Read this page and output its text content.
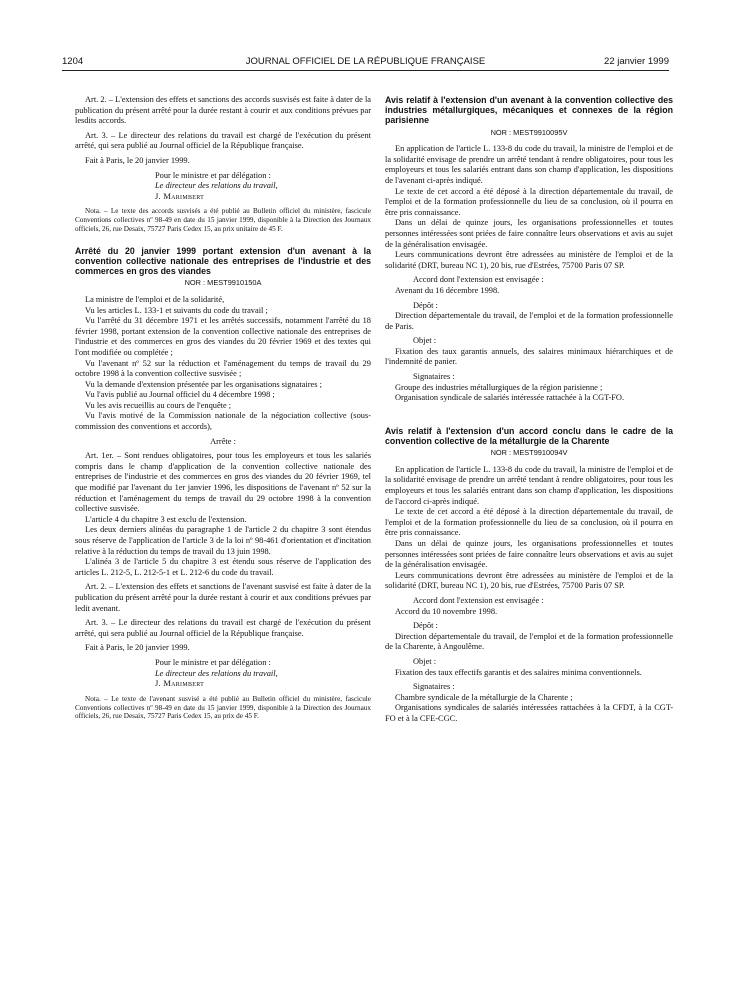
1204	JOURNAL OFFICIEL DE LA RÉPUBLIQUE FRANÇAISE	22 janvier 1999

Art. 2. – L'extension des effets et sanctions des accords susvisés est faite à dater de la publication du présent arrêté pour la durée restant à courir et aux conditions prévues par lesdits accords.

Art. 3. – Le directeur des relations du travail est chargé de l'exécution du présent arrêté, qui sera publié au Journal officiel de la République française.

Fait à Paris, le 20 janvier 1999.

Pour le ministre et par délégation :

Le directeur des relations du travail,

J. Marimbert

Nota. – Le texte des accords susvisés a été publié au Bulletin officiel du ministère, fascicule Conventions collectives nº 98-49 en date du 15 janvier 1999, disponible à la Direction des Journaux officiels, 26, rue Desaix, 75727 Paris Cedex 15, au prix unitaire de 45 F.

Arrêté du 20 janvier 1999 portant extension d'un avenant à la convention collective nationale des entreprises de l'industrie et des commerces en gros des viandes
NOR : MEST9910150A

La ministre de l'emploi et de la solidarité,

Vu les articles L. 133-1 et suivants du code du travail ;

Vu l'arrêté du 31 décembre 1971 et les arrêtés successifs, notamment l'arrêté du 18 février 1998, portant extension de la convention collective nationale des entreprises de l'industrie et des commerces en gros des viandes du 20 février 1969 et des textes qui l'ont modifiée ou complétée ;

Vu l'avenant nº 52 sur la réduction et l'aménagement du temps de travail du 29 octobre 1998 à la convention collective susvisée ;

Vu la demande d'extension présentée par les organisations signataires ;

Vu l'avis publié au Journal officiel du 4 décembre 1998 ;

Vu les avis recueillis au cours de l'enquête ;

Vu l'avis motivé de la Commission nationale de la négociation collective (sous-commission des conventions et accords),

Arrête :

Art. 1er. – Sont rendues obligatoires, pour tous les employeurs et tous les salariés compris dans le champ d'application de la convention collective nationale des entreprises de l'industrie et des commerces en gros des viandes du 20 février 1969, tel que modifié par l'avenant du 1er janvier 1996, les dispositions de l'avenant nº 52 sur la réduction et l'aménagement du temps de travail du 29 octobre 1998 à la convention collective susvisée.

L'article 4 du chapitre 3 est exclu de l'extension.

Les deux derniers alinéas du paragraphe 1 de l'article 2 du chapitre 3 sont étendus sous réserve de l'application de l'article 3 de la loi nº 98-461 d'orientation et d'incitation relative à la réduction du temps de travail du 13 juin 1998.

L'alinéa 3 de l'article 5 du chapitre 3 est étendu sous réserve de l'application des articles L. 212-5, L. 212-5-1 et L. 212-6 du code du travail.

Art. 2. – L'extension des effets et sanctions de l'avenant susvisé est faite à dater de la publication du présent arrêté pour la durée restant à courir et aux conditions prévues par ledit avenant.

Art. 3. – Le directeur des relations du travail est chargé de l'exécution du présent arrêté, qui sera publié au Journal officiel de la République française.

Fait à Paris, le 20 janvier 1999.

Pour le ministre et par délégation :

Le directeur des relations du travail,

J. Marimbert

Nota. – Le texte de l'avenant susvisé a été publié au Bulletin officiel du ministère, fascicule Conventions collectives nº 98-49 en date du 15 janvier 1999, disponible à la Direction des Journaux officiels, 26, rue Desaix, 75727 Paris Cedex 15, au prix de 45 F.

Avis relatif à l'extension d'un avenant à la convention collective des industries métallurgiques, mécaniques et connexes de la région parisienne
NOR : MEST9910095V

En application de l'article L. 133-8 du code du travail, la ministre de l'emploi et de la solidarité envisage de prendre un arrêté tendant à rendre obligatoires, pour tous les employeurs et tous les salariés entrant dans son champ d'application, les dispositions de l'avenant ci-après indiqué.

Le texte de cet accord a été déposé à la direction départementale du travail, de l'emploi et de la formation professionnelle du lieu de sa conclusion, où il pourra en être pris connaissance.

Dans un délai de quinze jours, les organisations professionnelles et toutes personnes intéressées sont priées de faire connaître leurs observations et avis au sujet de la généralisation envisagée.

Leurs communications devront être adressées au ministère de l'emploi et de la solidarité (DRT, bureau NC 1), 20 bis, rue d'Estrées, 75700 Paris 07 SP.

Accord dont l'extension est envisagée :

Avenant du 16 décembre 1998.

Dépôt :

Direction départementale du travail, de l'emploi et de la formation professionnelle de Paris.

Objet :

Fixation des taux garantis annuels, des salaires minimaux hiérarchiques et de l'indemnité de panier.

Signataires :

Groupe des industries métallurgiques de la région parisienne ;

Organisation syndicale de salariés intéressée rattachée à la CGT-FO.

Avis relatif à l'extension d'un accord conclu dans le cadre de la convention collective de la métallurgie de la Charente
NOR : MEST9910094V

En application de l'article L. 133-8 du code du travail, la ministre de l'emploi et de la solidarité envisage de prendre un arrêté tendant à rendre obligatoires, pour tous les employeurs et tous les salariés entrant dans son champ d'application, les dispositions de l'accord ci-après indiqué.

Le texte de cet accord a été déposé à la direction départementale du travail, de l'emploi et de la formation professionnelle du lieu de sa conclusion, où il pourra en être pris connaissance.

Dans un délai de quinze jours, les organisations professionnelles et toutes personnes intéressées sont priées de faire connaître leurs observations et avis au sujet de la généralisation envisagée.

Leurs communications devront être adressées au ministère de l'emploi et de la solidarité (DRT, bureau NC 1), 20 bis, rue d'Estrées, 75700 Paris 07 SP.

Accord dont l'extension est envisagée :

Accord du 10 novembre 1998.

Dépôt :

Direction départementale du travail, de l'emploi et de la formation professionnelle de la Charente, à Angoulême.

Objet :

Fixation des taux effectifs garantis et des salaires minima conventionnels.

Signataires :

Chambre syndicale de la métallurgie de la Charente ;

Organisations syndicales de salariés intéressées rattachées à la CFDT, à la CGT-FO et à la CFE-CGC.
